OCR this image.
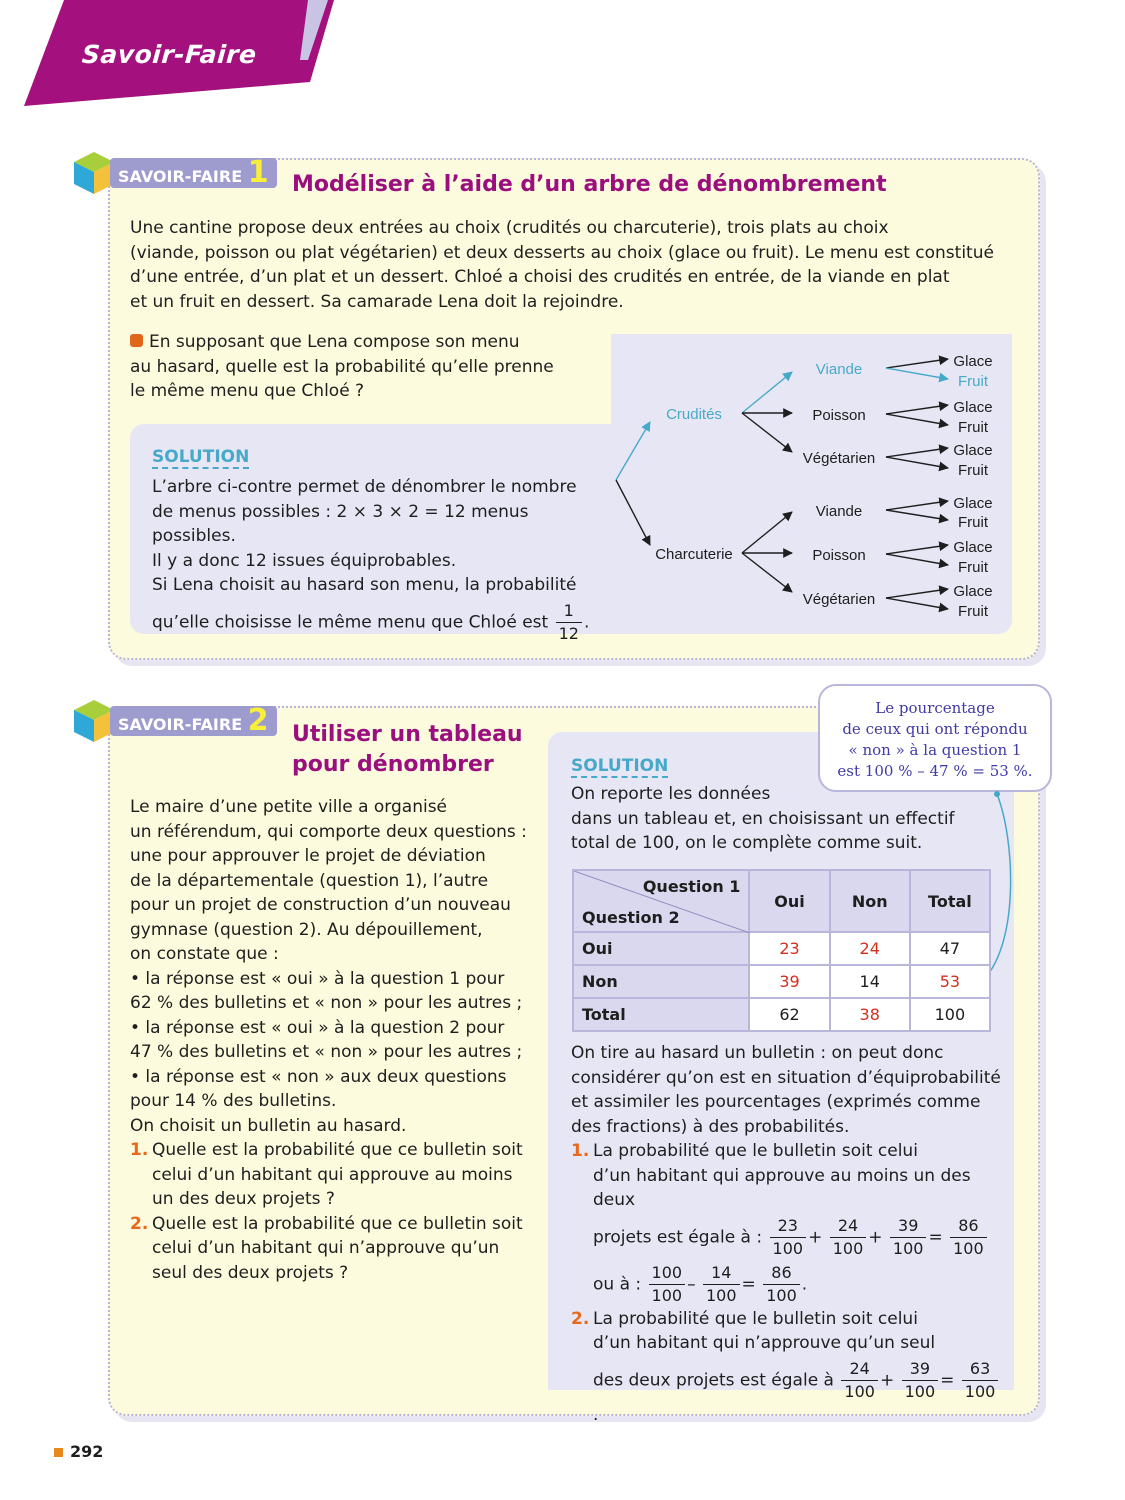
Savoir-Faire
SAVOIR-FAIRE 1	Modéliser à l’aide d’un arbre de dénombrement
Une cantine propose deux entrées au choix (crudités ou charcuterie), trois plats au choix
(viande, poisson ou plat végétarien) et deux desserts au choix (glace ou fruit). Le menu est constitué
d’une entrée, d’un plat et un dessert. Chloé a choisi des crudités en entrée, de la viande en plat
et un fruit en dessert. Sa camarade Lena doit la rejoindre.
En supposant que Lena compose son menu
au hasard, quelle est la probabilité qu’elle prenne
le même menu que Chloé ?
SOLUTION
L’arbre ci-contre permet de dénombrer le nombre
de menus possibles : 2 × 3 × 2 = 12 menus possibles.
Il y a donc 12 issues équiprobables.
Si Lena choisit au hasard son menu, la probabilité
qu’elle choisisse le même menu que Chloé est $\frac{1}{12}$ .
Crudités
Charcuterie
Viande
Poisson
Végétarien
Viande
Poisson
Végétarien
Glace
Fruit
Glace
Fruit
Glace
Fruit
Glace
Fruit
Glace
Fruit
Glace
Fruit
SAVOIR-FAIRE 2	Utiliser un tableau
pour dénombrer
Le maire d’une petite ville a organisé
un référendum, qui comporte deux questions :
une pour approuver le projet de déviation
de la départementale (question 1), l’autre
pour un projet de construction d’un nouveau
gymnase (question 2). Au dépouillement,
on constate que :
• la réponse est « oui » à la question 1 pour
62 % des bulletins et « non » pour les autres ;
• la réponse est « oui » à la question 2 pour
47 % des bulletins et « non » pour les autres ;
• la réponse est « non » aux deux questions
pour 14 % des bulletins.
On choisit un bulletin au hasard.
1. Quelle est la probabilité que ce bulletin soit
celui d’un habitant qui approuve au moins
un des deux projets ?
2. Quelle est la probabilité que ce bulletin soit
celui d’un habitant qui n’approuve qu’un
seul des deux projets ?
SOLUTION
On reporte les données
dans un tableau et, en choisissant un effectif
total de 100, on le complète comme suit.
Le pourcentage
de ceux qui ont répondu
« non » à la question 1
est 100 % – 47 % = 53 %.
Question 1
Question 2	Oui	Non	Total
Oui	23	24	47
Non	39	14	53
Total	62	38	100
On tire au hasard un bulletin : on peut donc
considérer qu’on est en situation d’équiprobabilité
et assimiler les pourcentages (exprimés comme
des fractions) à des probabilités.
1. La probabilité que le bulletin soit celui
d’un habitant qui approuve au moins un des deux
projets est égale à : $\frac{23}{100} + \frac{24}{100} + \frac{39}{100} = \frac{86}{100}$
ou à : $\frac{100}{100} - \frac{14}{100} = \frac{86}{100}$ .
2. La probabilité que le bulletin soit celui
d’un habitant qui n’approuve qu’un seul
des deux projets est égale à $\frac{24}{100} + \frac{39}{100} = \frac{63}{100}$
.
292
